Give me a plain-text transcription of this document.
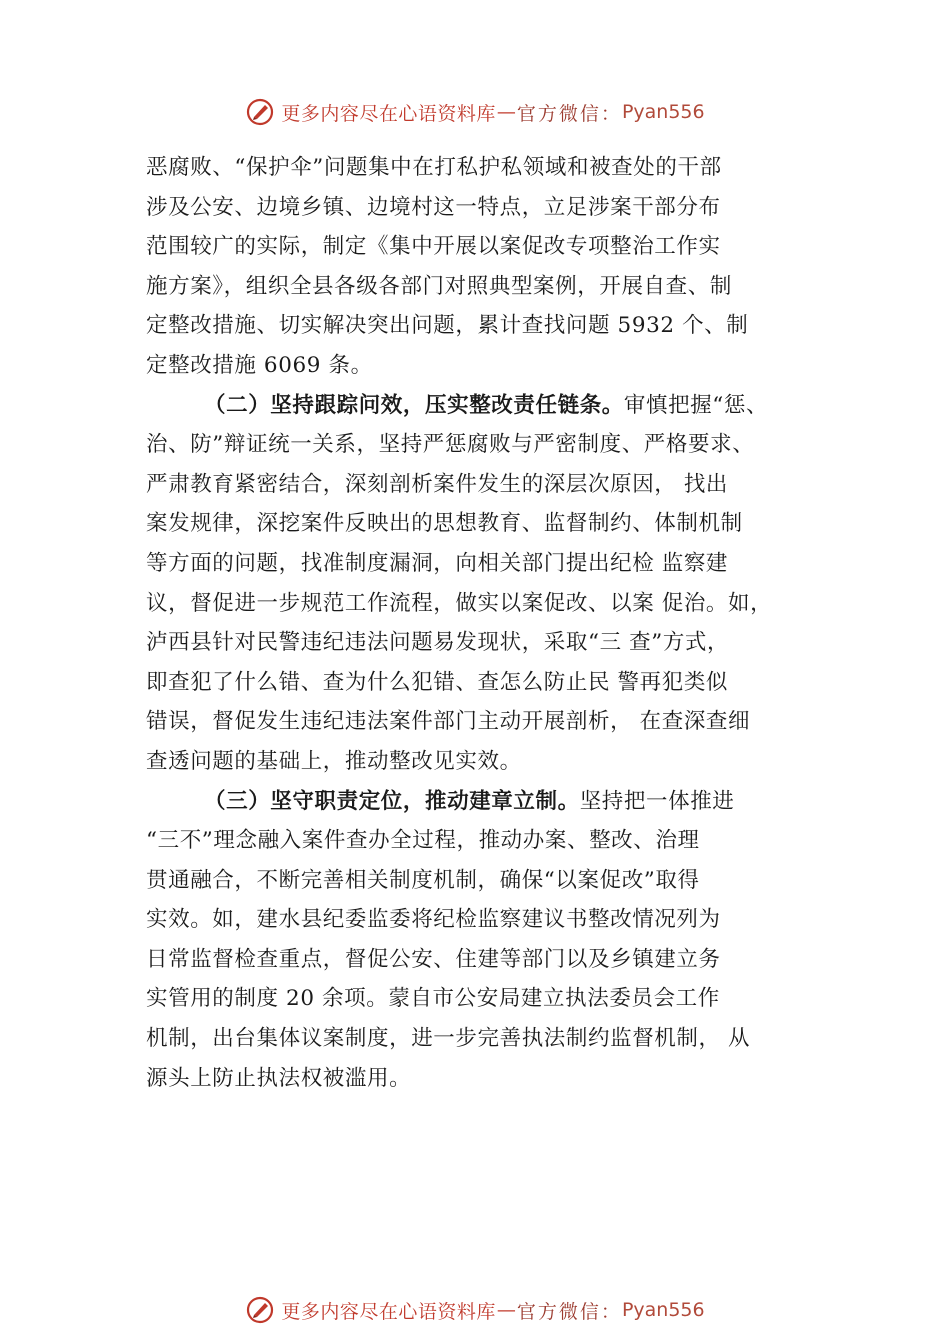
更多内容尽在心语资料库 — 官方微信： Pyan556
恶腐败、“保护伞”问题集中在打私护私领域和被查处的干部
涉及公安、边境乡镇、边境村这一特点，立足涉案干部分布
范围较广的实际，制定《集中开展以案促改专项整治工作实
施方案》，组织全县各级各部门对照典型案例，开展自查、制
定整改措施、切实解决突出问题，累计查找问题 5932 个、制
定整改措施 6069 条。
（二）坚持跟踪问效，压实整改责任链条。审慎把握“惩、
治、防”辩证统一关系，坚持严惩腐败与严密制度、严格要求、
严肃教育紧密结合，深刻剖析案件发生的深层次原因， 找出
案发规律，深挖案件反映出的思想教育、监督制约、体制机制
等方面的问题，找准制度漏洞，向相关部门提出纪检 监察建
议，督促进一步规范工作流程，做实以案促改、以案 促治。如，
泸西县针对民警违纪违法问题易发现状，采取“三 查”方式，
即查犯了什么错、查为什么犯错、查怎么防止民 警再犯类似
错误，督促发生违纪违法案件部门主动开展剖析， 在查深查细
查透问题的基础上，推动整改见实效。
（三）坚守职责定位，推动建章立制。坚持把一体推进
“三不”理念融入案件查办全过程，推动办案、整改、治理
贯通融合，不断完善相关制度机制，确保“以案促改”取得
实效。如，建水县纪委监委将纪检监察建议书整改情况列为
日常监督检查重点，督促公安、住建等部门以及乡镇建立务
实管用的制度 20 余项。蒙自市公安局建立执法委员会工作
机制，出台集体议案制度，进一步完善执法制约监督机制， 从
源头上防止执法权被滥用。
更多内容尽在心语资料库 — 官方微信： Pyan556
